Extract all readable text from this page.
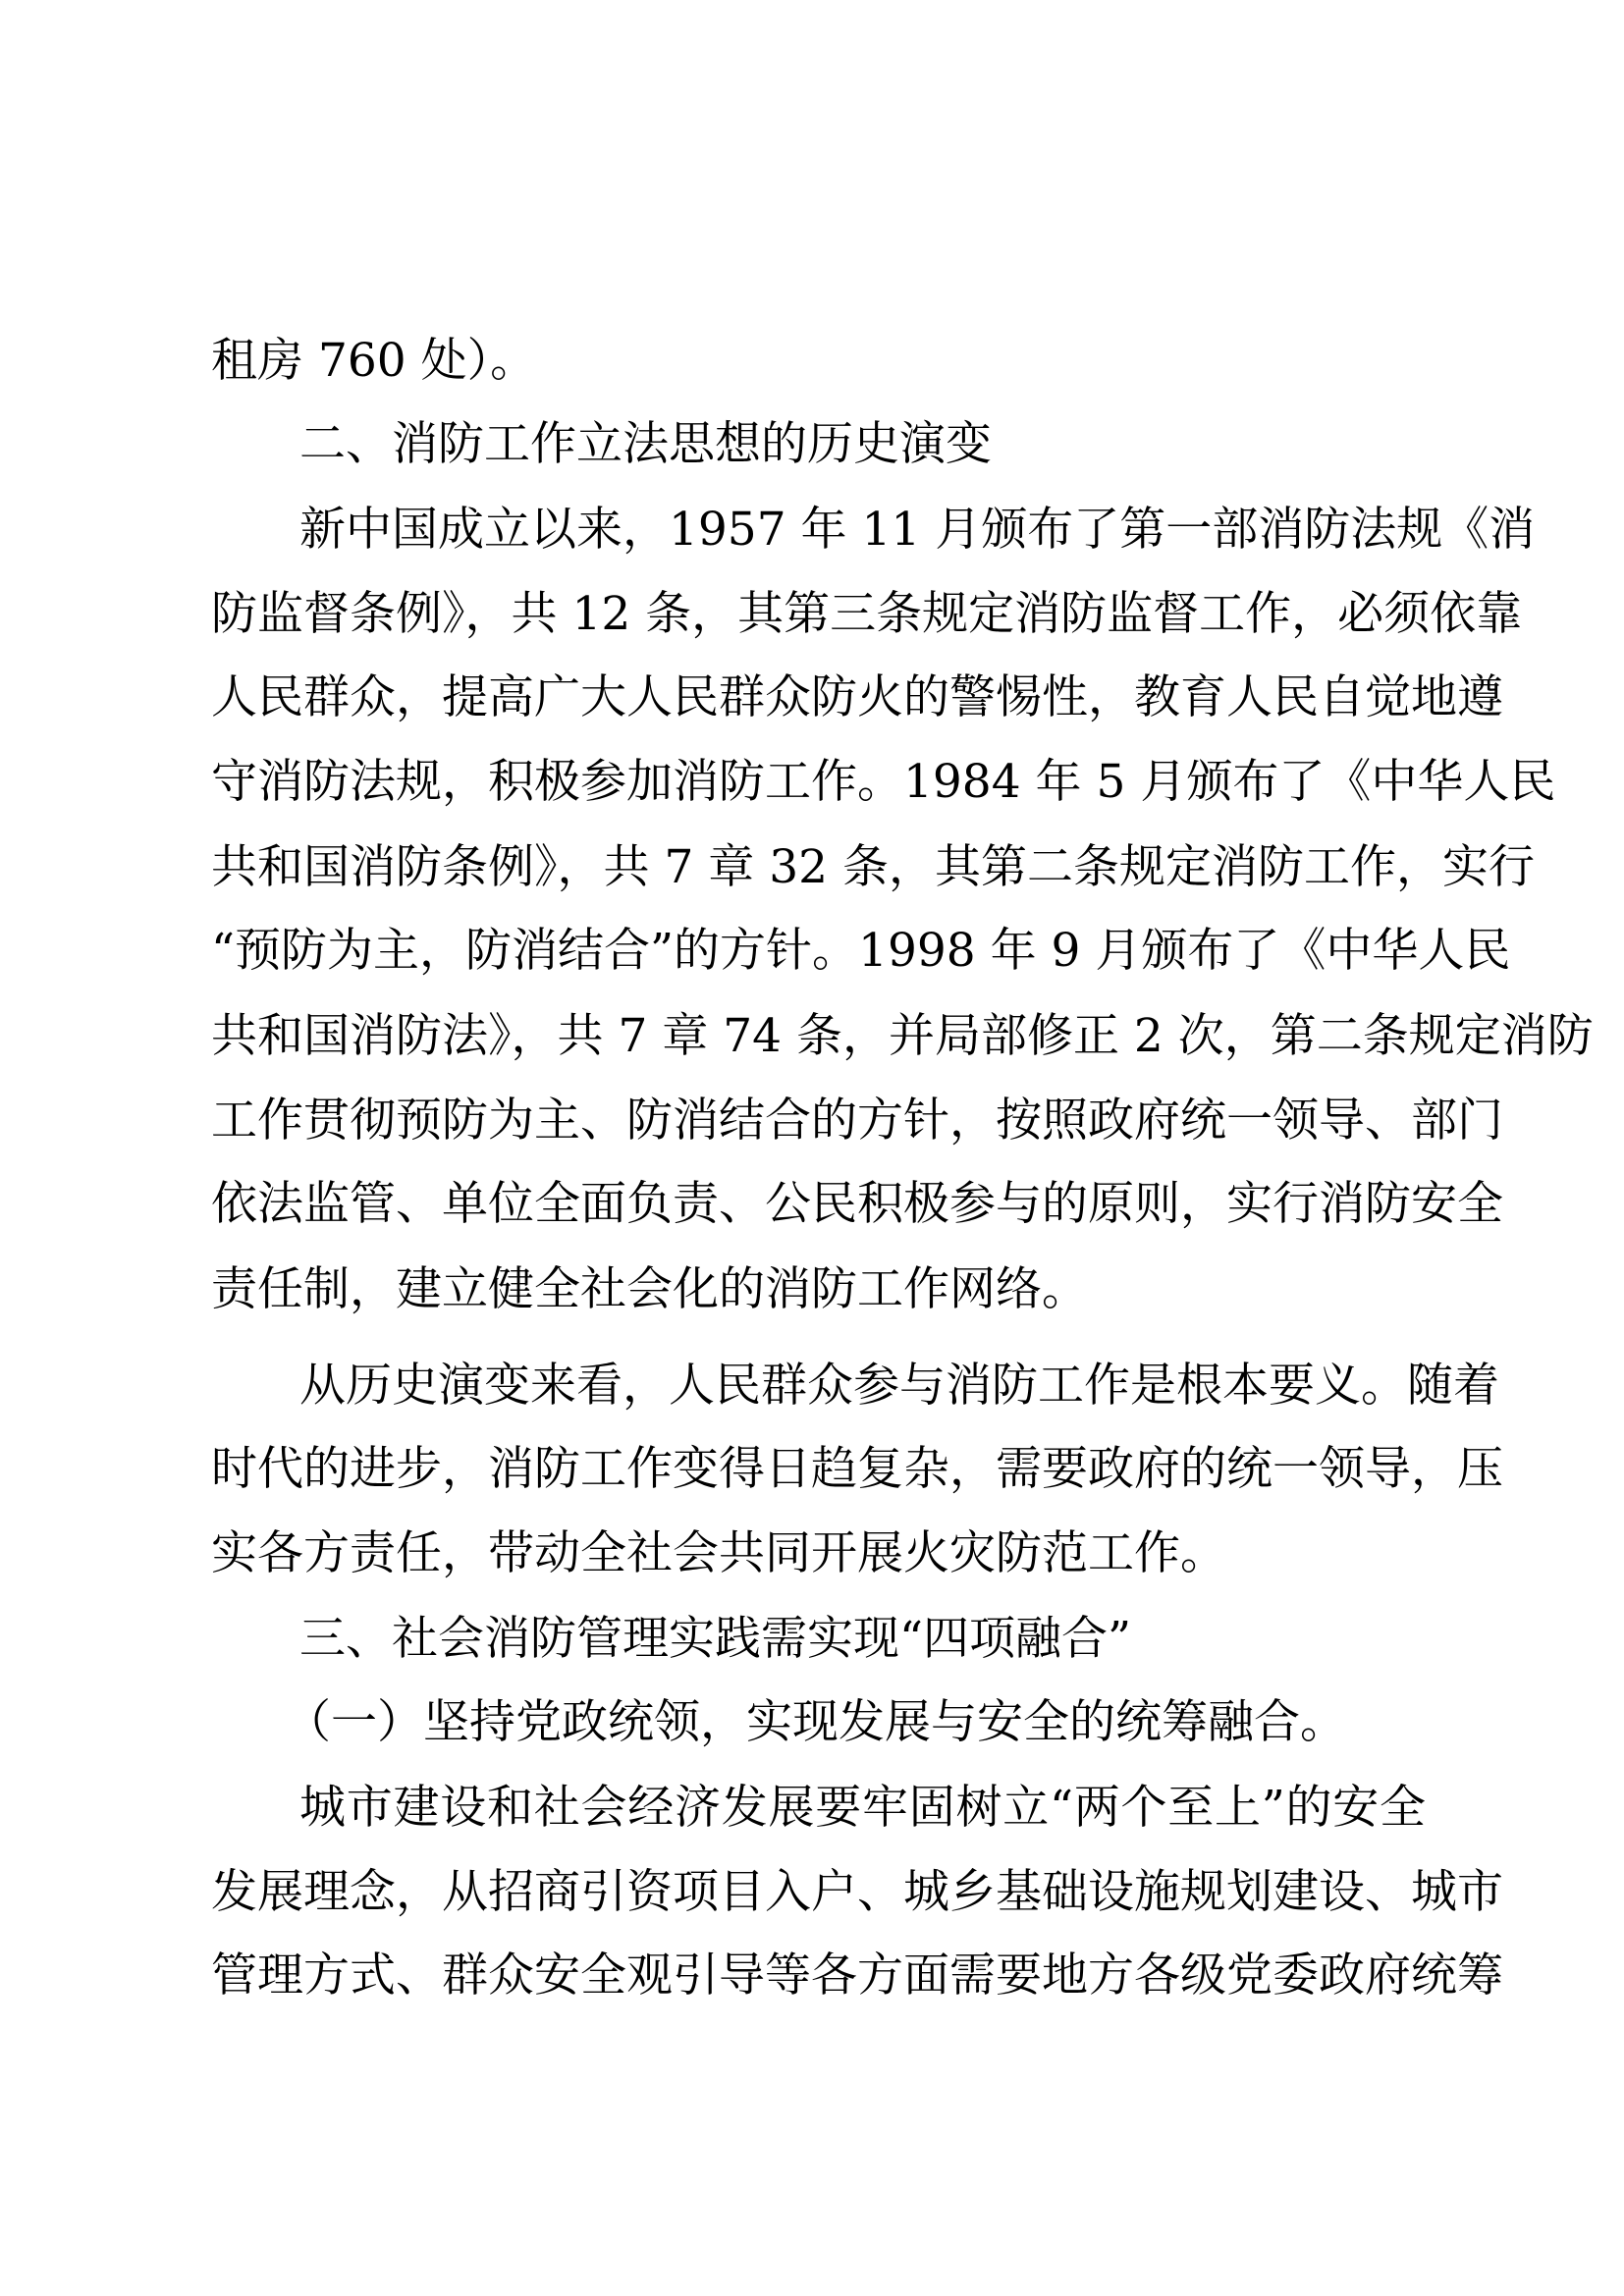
租房 760 处）。
二、消防工作立法思想的历史演变
新中国成立以来，1957 年 11 月颁布了第一部消防法规《消
防监督条例》，共 12 条，其第三条规定消防监督工作，必须依靠
人民群众，提高广大人民群众防火的警惕性，教育人民自觉地遵
守消防法规，积极参加消防工作。1984 年 5 月颁布了《中华人民
共和国消防条例》，共 7 章 32 条，其第二条规定消防工作，实行
“预防为主，防消结合”的方针。1998 年 9 月颁布了《中华人民
共和国消防法》，共 7 章 74 条，并局部修正 2 次，第二条规定消防
工作贯彻预防为主、防消结合的方针，按照政府统一领导、部门
依法监管、单位全面负责、公民积极参与的原则，实行消防安全
责任制，建立健全社会化的消防工作网络。
从历史演变来看，人民群众参与消防工作是根本要义。随着
时代的进步，消防工作变得日趋复杂，需要政府的统一领导，压
实各方责任，带动全社会共同开展火灾防范工作。
三、社会消防管理实践需实现“四项融合”
（一）坚持党政统领，实现发展与安全的统筹融合。
城市建设和社会经济发展要牢固树立“两个至上”的安全
发展理念，从招商引资项目入户、城乡基础设施规划建设、城市
管理方式、群众安全观引导等各方面需要地方各级党委政府统筹
